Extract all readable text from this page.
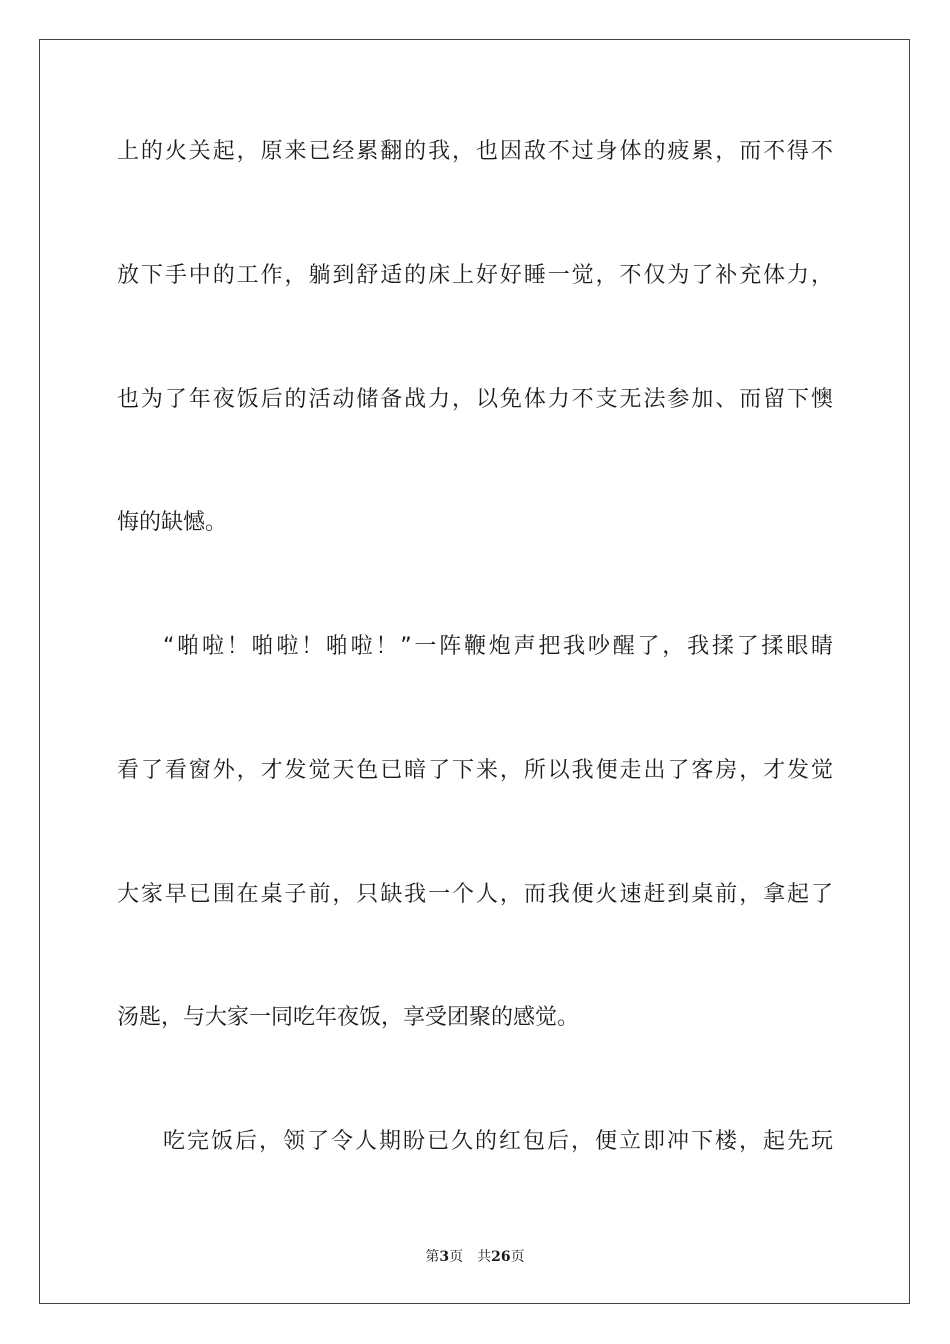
上的火关起，原来已经累翻的我，也因敌不过身体的疲累，而不得不
放下手中的工作，躺到舒适的床上好好睡一觉，不仅为了补充体力，
也为了年夜饭后的活动储备战力，以免体力不支无法参加、而留下懊
悔的缺憾。
“啪啦！啪啦！啪啦！”一阵鞭炮声把我吵醒了，我揉了揉眼睛
看了看窗外，才发觉天色已暗了下来，所以我便走出了客房，才发觉
大家早已围在桌子前，只缺我一个人，而我便火速赶到桌前，拿起了
汤匙，与大家一同吃年夜饭，享受团聚的感觉。
吃完饭后，领了令人期盼已久的红包后，便立即冲下楼，起先玩
第3页 共26页
